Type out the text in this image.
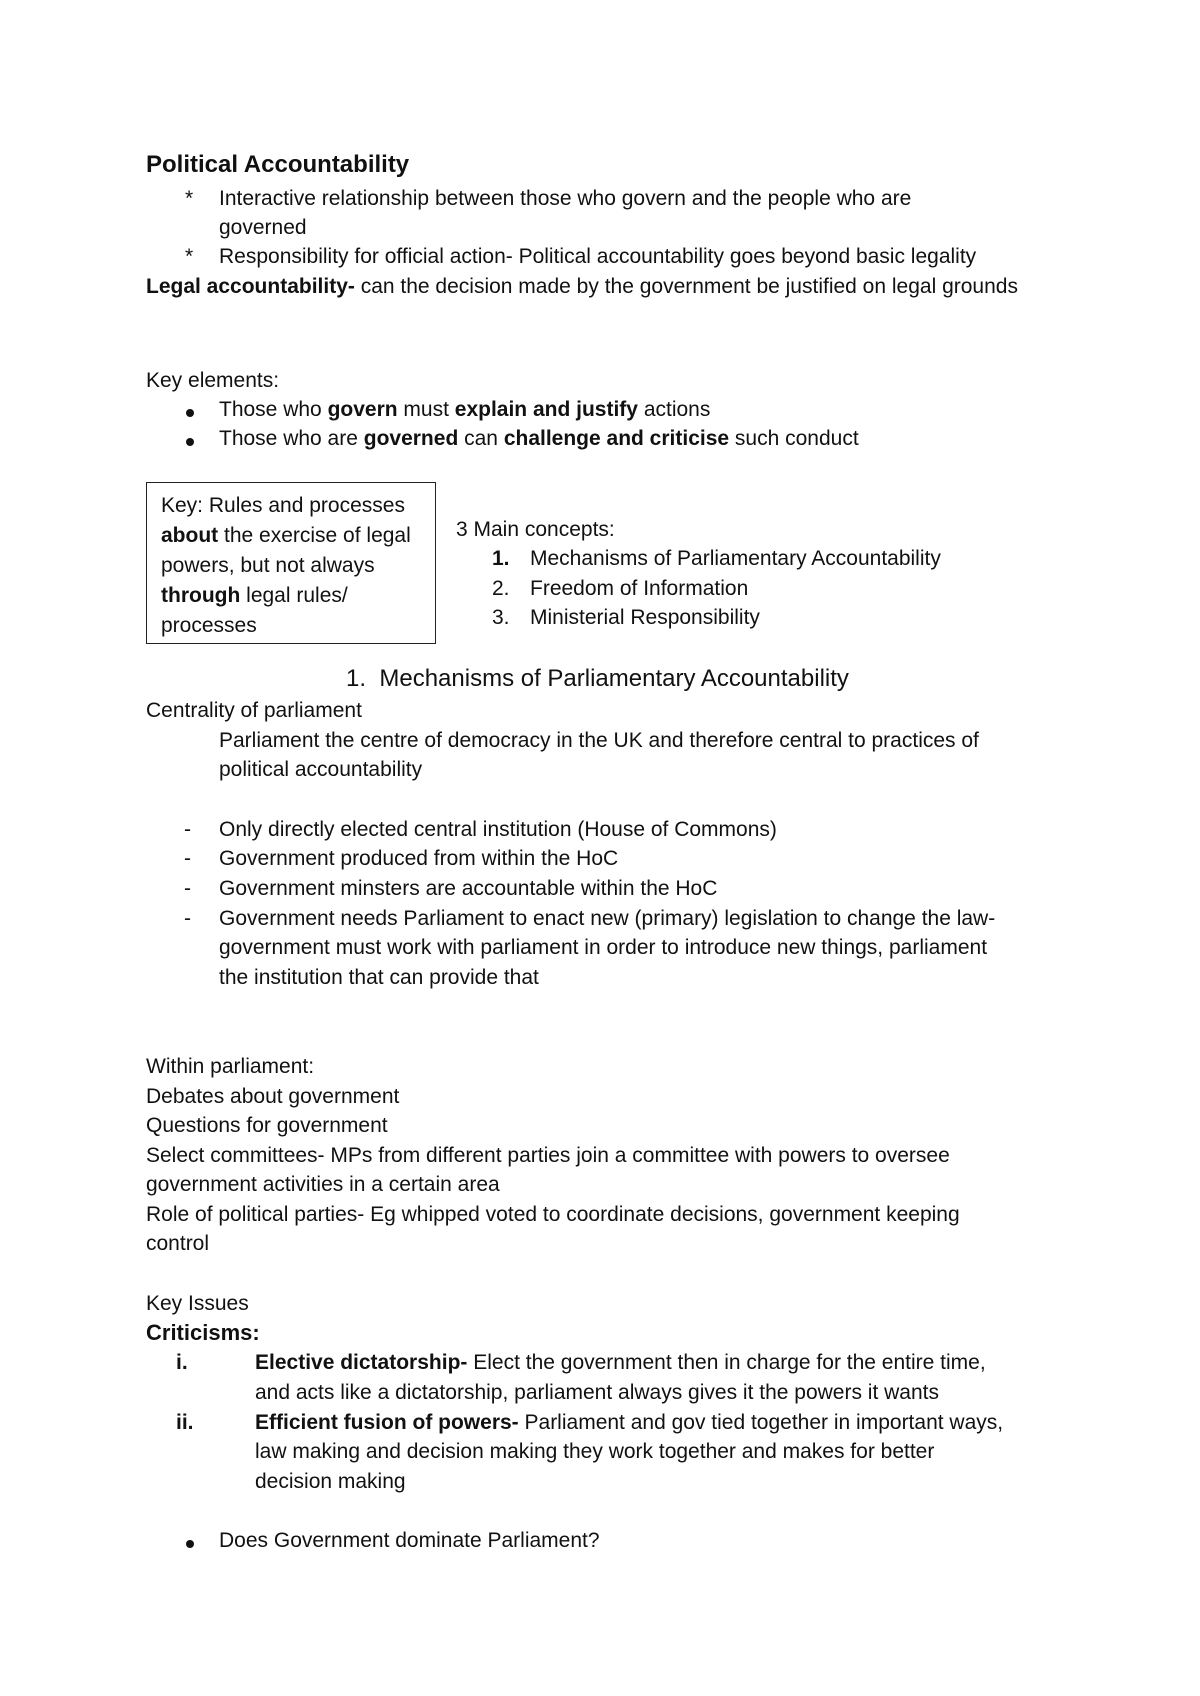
Political Accountability
* Interactive relationship between those who govern and the people who are
governed
* Responsibility for official action- Political accountability goes beyond basic legality
Legal accountability- can the decision made by the government be justified on legal grounds
Key elements:
Those who govern must explain and justify actions
Those who are governed can challenge and criticise such conduct
Key: Rules and processes
about the exercise of legal
powers, but not always
through legal rules/
processes
3 Main concepts:
1. Mechanisms of Parliamentary Accountability
2. Freedom of Information
3. Ministerial Responsibility
1. Mechanisms of Parliamentary Accountability
Centrality of parliament
Parliament the centre of democracy in the UK and therefore central to practices of
political accountability
- Only directly elected central institution (House of Commons)
- Government produced from within the HoC
- Government minsters are accountable within the HoC
- Government needs Parliament to enact new (primary) legislation to change the law-
government must work with parliament in order to introduce new things, parliament
the institution that can provide that
Within parliament:
Debates about government
Questions for government
Select committees- MPs from different parties join a committee with powers to oversee
government activities in a certain area
Role of political parties- Eg whipped voted to coordinate decisions, government keeping
control
Key Issues
Criticisms:
i.	Elective dictatorship- Elect the government then in charge for the entire time,
and acts like a dictatorship, parliament always gives it the powers it wants
ii.	Efficient fusion of powers- Parliament and gov tied together in important ways,
law making and decision making they work together and makes for better
decision making
Does Government dominate Parliament?
